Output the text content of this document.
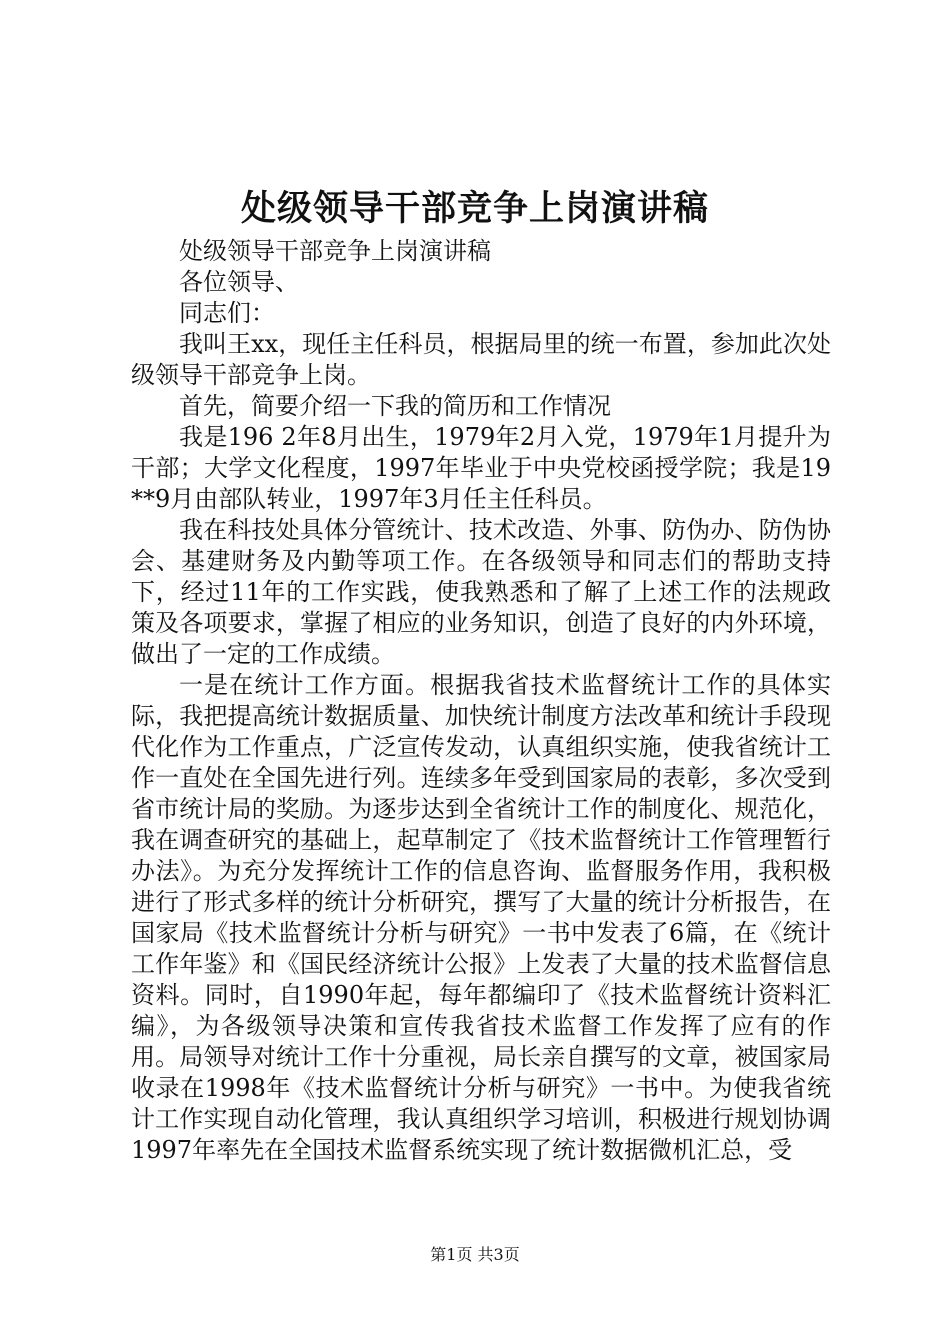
处级领导干部竞争上岗演讲稿

处级领导干部竞争上岗演讲稿

各位领导、

同志们：

我叫王xx，现任主任科员，根据局里的统一布置，参加此次处级领导干部竞争上岗。

首先，简要介绍一下我的简历和工作情况

我是196 2年8月出生，1979年2月入党，1979年1月提升为干部；大学文化程度，1997年毕业于中央党校函授学院；我是19**9月由部队转业，1997年3月任主任科员。

我在科技处具体分管统计、技术改造、外事、防伪办、防伪协会、基建财务及内勤等项工作。在各级领导和同志们的帮助支持下，经过11年的工作实践，使我熟悉和了解了上述工作的法规政策及各项要求，掌握了相应的业务知识，创造了良好的内外环境，做出了一定的工作成绩。

一是在统计工作方面。根据我省技术监督统计工作的具体实际，我把提高统计数据质量、加快统计制度方法改革和统计手段现代化作为工作重点，广泛宣传发动，认真组织实施，使我省统计工作一直处在全国先进行列。连续多年受到国家局的表彰，多次受到省市统计局的奖励。为逐步达到全省统计工作的制度化、规范化，我在调查研究的基础上，起草制定了《技术监督统计工作管理暂行办法》。为充分发挥统计工作的信息咨询、监督服务作用，我积极进行了形式多样的统计分析研究，撰写了大量的统计分析报告，在国家局《技术监督统计分析与研究》一书中发表了6篇，在《统计工作年鉴》和《国民经济统计公报》上发表了大量的技术监督信息资料。同时，自1990年起，每年都编印了《技术监督统计资料汇编》，为各级领导决策和宣传我省技术监督工作发挥了应有的作用。局领导对统计工作十分重视，局长亲自撰写的文章，被国家局收录在1998年《技术监督统计分析与研究》一书中。为使我省统计工作实现自动化管理，我认真组织学习培训，积极进行规划协调1997年率先在全国技术监督系统实现了统计数据微机汇总，受

第1页 共3页
